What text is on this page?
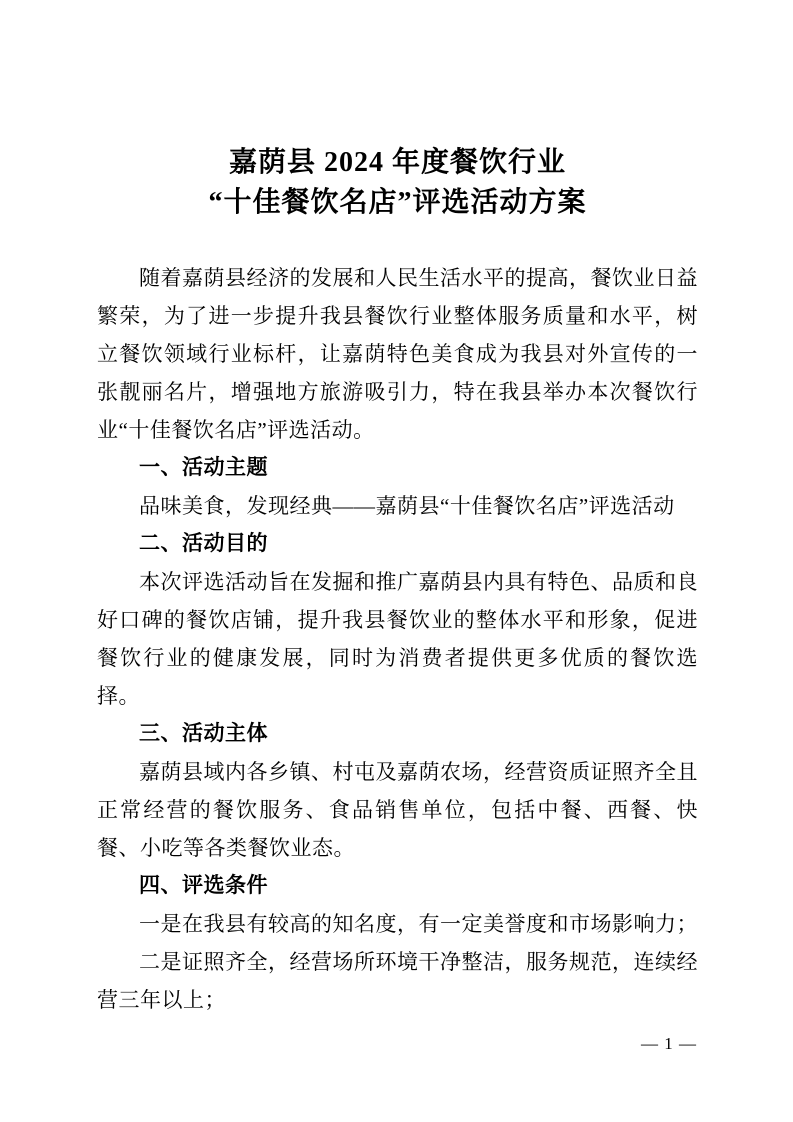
嘉荫县 2024 年度餐饮行业
“十佳餐饮名店”评选活动方案

随着嘉荫县经济的发展和人民生活水平的提高，餐饮业日益繁荣，为了进一步提升我县餐饮行业整体服务质量和水平，树立餐饮领域行业标杆，让嘉荫特色美食成为我县对外宣传的一张靓丽名片，增强地方旅游吸引力，特在我县举办本次餐饮行业“十佳餐饮名店”评选活动。

一、活动主题

品味美食，发现经典——嘉荫县“十佳餐饮名店”评选活动

二、活动目的

本次评选活动旨在发掘和推广嘉荫县内具有特色、品质和良好口碑的餐饮店铺，提升我县餐饮业的整体水平和形象，促进餐饮行业的健康发展，同时为消费者提供更多优质的餐饮选择。

三、活动主体

嘉荫县域内各乡镇、村屯及嘉荫农场，经营资质证照齐全且正常经营的餐饮服务、食品销售单位，包括中餐、西餐、快餐、小吃等各类餐饮业态。

四、评选条件

一是在我县有较高的知名度，有一定美誉度和市场影响力；

二是证照齐全，经营场所环境干净整洁，服务规范，连续经营三年以上；

— 1 —
